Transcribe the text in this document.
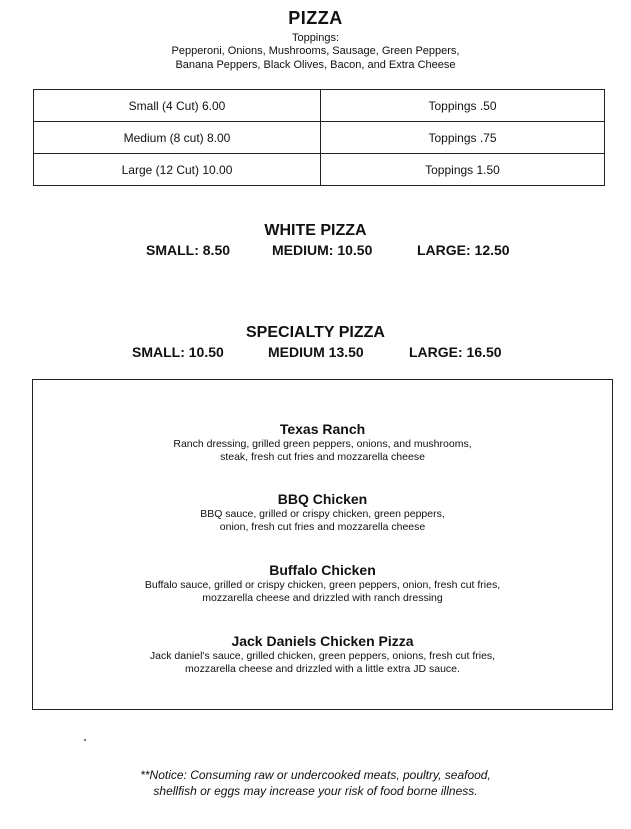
PIZZA
Toppings:
Pepperoni, Onions, Mushrooms, Sausage, Green Peppers,
Banana Peppers, Black Olives, Bacon, and Extra Cheese
Small (4 Cut) 6.00	Toppings .50
Medium (8 cut) 8.00	Toppings .75
Large (12 Cut) 10.00	Toppings 1.50
WHITE PIZZA
SMALL: 8.50	MEDIUM: 10.50	LARGE: 12.50
SPECIALTY PIZZA
SMALL: 10.50	MEDIUM 13.50	LARGE: 16.50
Texas Ranch
Ranch dressing, grilled green peppers, onions, and mushrooms,
steak, fresh cut fries and mozzarella cheese
BBQ Chicken
BBQ sauce, grilled or crispy chicken, green peppers,
onion, fresh cut fries and mozzarella cheese
Buffalo Chicken
Buffalo sauce, grilled or crispy chicken, green peppers, onion, fresh cut fries,
mozzarella cheese and drizzled with ranch dressing
Jack Daniels Chicken Pizza
Jack daniel's sauce, grilled chicken, green peppers, onions, fresh cut fries,
mozzarella cheese and drizzled with a little extra JD sauce.
**Notice: Consuming raw or undercooked meats, poultry, seafood,
shellfish or eggs may increase your risk of food borne illness.
